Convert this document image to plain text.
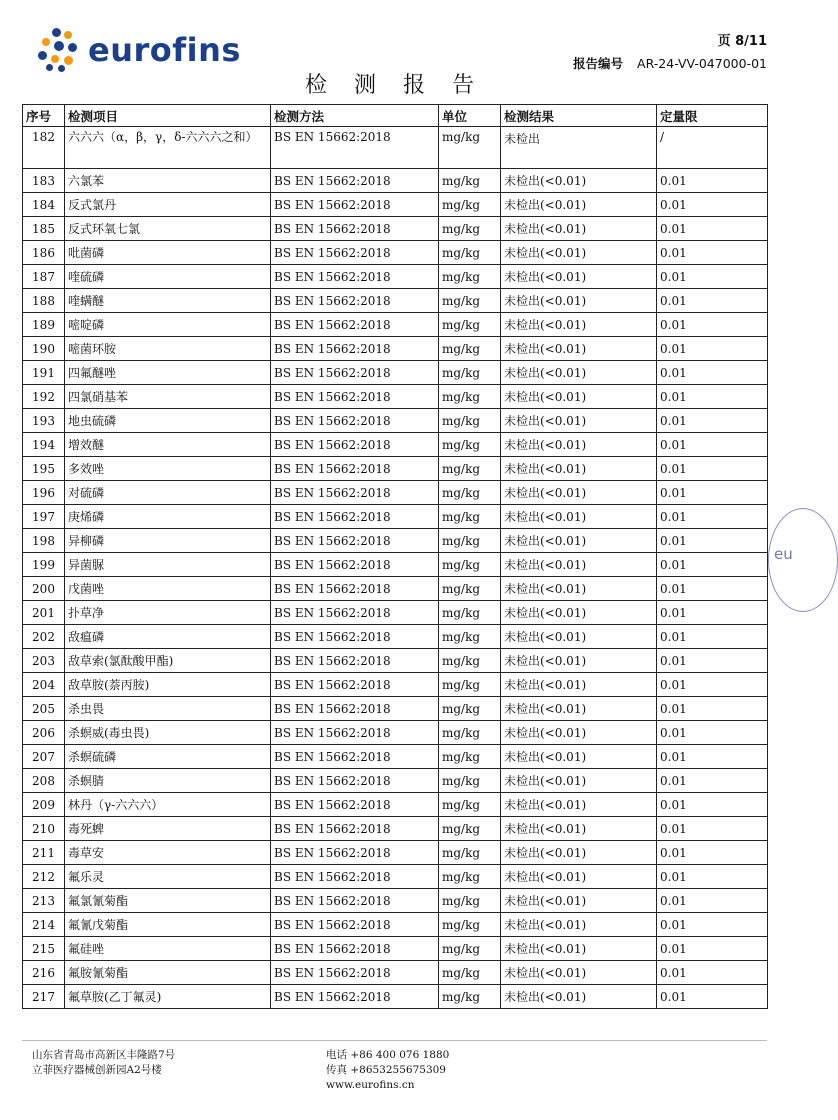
eurofins	页 8/11
报告编号 AR-24-VV-047000-01
检 测 报 告
序号	检测项目	检测方法	单位	检测结果	定量限
182	六六六（α，β，γ，δ-六六六之和）	BS EN 15662:2018	mg/kg	未检出	/
183	六氯苯	BS EN 15662:2018	mg/kg	未检出(<0.01)	0.01
184	反式氯丹	BS EN 15662:2018	mg/kg	未检出(<0.01)	0.01
185	反式环氧七氯	BS EN 15662:2018	mg/kg	未检出(<0.01)	0.01
186	吡菌磷	BS EN 15662:2018	mg/kg	未检出(<0.01)	0.01
187	喹硫磷	BS EN 15662:2018	mg/kg	未检出(<0.01)	0.01
188	喹螨醚	BS EN 15662:2018	mg/kg	未检出(<0.01)	0.01
189	嘧啶磷	BS EN 15662:2018	mg/kg	未检出(<0.01)	0.01
190	嘧菌环胺	BS EN 15662:2018	mg/kg	未检出(<0.01)	0.01
191	四氟醚唑	BS EN 15662:2018	mg/kg	未检出(<0.01)	0.01
192	四氯硝基苯	BS EN 15662:2018	mg/kg	未检出(<0.01)	0.01
193	地虫硫磷	BS EN 15662:2018	mg/kg	未检出(<0.01)	0.01
194	增效醚	BS EN 15662:2018	mg/kg	未检出(<0.01)	0.01
195	多效唑	BS EN 15662:2018	mg/kg	未检出(<0.01)	0.01
196	对硫磷	BS EN 15662:2018	mg/kg	未检出(<0.01)	0.01
197	庚烯磷	BS EN 15662:2018	mg/kg	未检出(<0.01)	0.01
198	异柳磷	BS EN 15662:2018	mg/kg	未检出(<0.01)	0.01
199	异菌脲	BS EN 15662:2018	mg/kg	未检出(<0.01)	0.01
200	戊菌唑	BS EN 15662:2018	mg/kg	未检出(<0.01)	0.01
201	扑草净	BS EN 15662:2018	mg/kg	未检出(<0.01)	0.01
202	敌瘟磷	BS EN 15662:2018	mg/kg	未检出(<0.01)	0.01
203	敌草索(氯酞酸甲酯)	BS EN 15662:2018	mg/kg	未检出(<0.01)	0.01
204	敌草胺(萘丙胺)	BS EN 15662:2018	mg/kg	未检出(<0.01)	0.01
205	杀虫畏	BS EN 15662:2018	mg/kg	未检出(<0.01)	0.01
206	杀螟威(毒虫畏)	BS EN 15662:2018	mg/kg	未检出(<0.01)	0.01
207	杀螟硫磷	BS EN 15662:2018	mg/kg	未检出(<0.01)	0.01
208	杀螟腈	BS EN 15662:2018	mg/kg	未检出(<0.01)	0.01
209	林丹（γ-六六六）	BS EN 15662:2018	mg/kg	未检出(<0.01)	0.01
210	毒死蜱	BS EN 15662:2018	mg/kg	未检出(<0.01)	0.01
211	毒草安	BS EN 15662:2018	mg/kg	未检出(<0.01)	0.01
212	氟乐灵	BS EN 15662:2018	mg/kg	未检出(<0.01)	0.01
213	氟氯氰菊酯	BS EN 15662:2018	mg/kg	未检出(<0.01)	0.01
214	氟氰戊菊酯	BS EN 15662:2018	mg/kg	未检出(<0.01)	0.01
215	氟硅唑	BS EN 15662:2018	mg/kg	未检出(<0.01)	0.01
216	氟胺氰菊酯	BS EN 15662:2018	mg/kg	未检出(<0.01)	0.01
217	氟草胺(乙丁氟灵)	BS EN 15662:2018	mg/kg	未检出(<0.01)	0.01
eu
山东省青岛市高新区丰隆路7号
立菲医疗器械创新园A2号楼
电话 +86 400 076 1880
传真 +8653255675309
www.eurofins.cn
